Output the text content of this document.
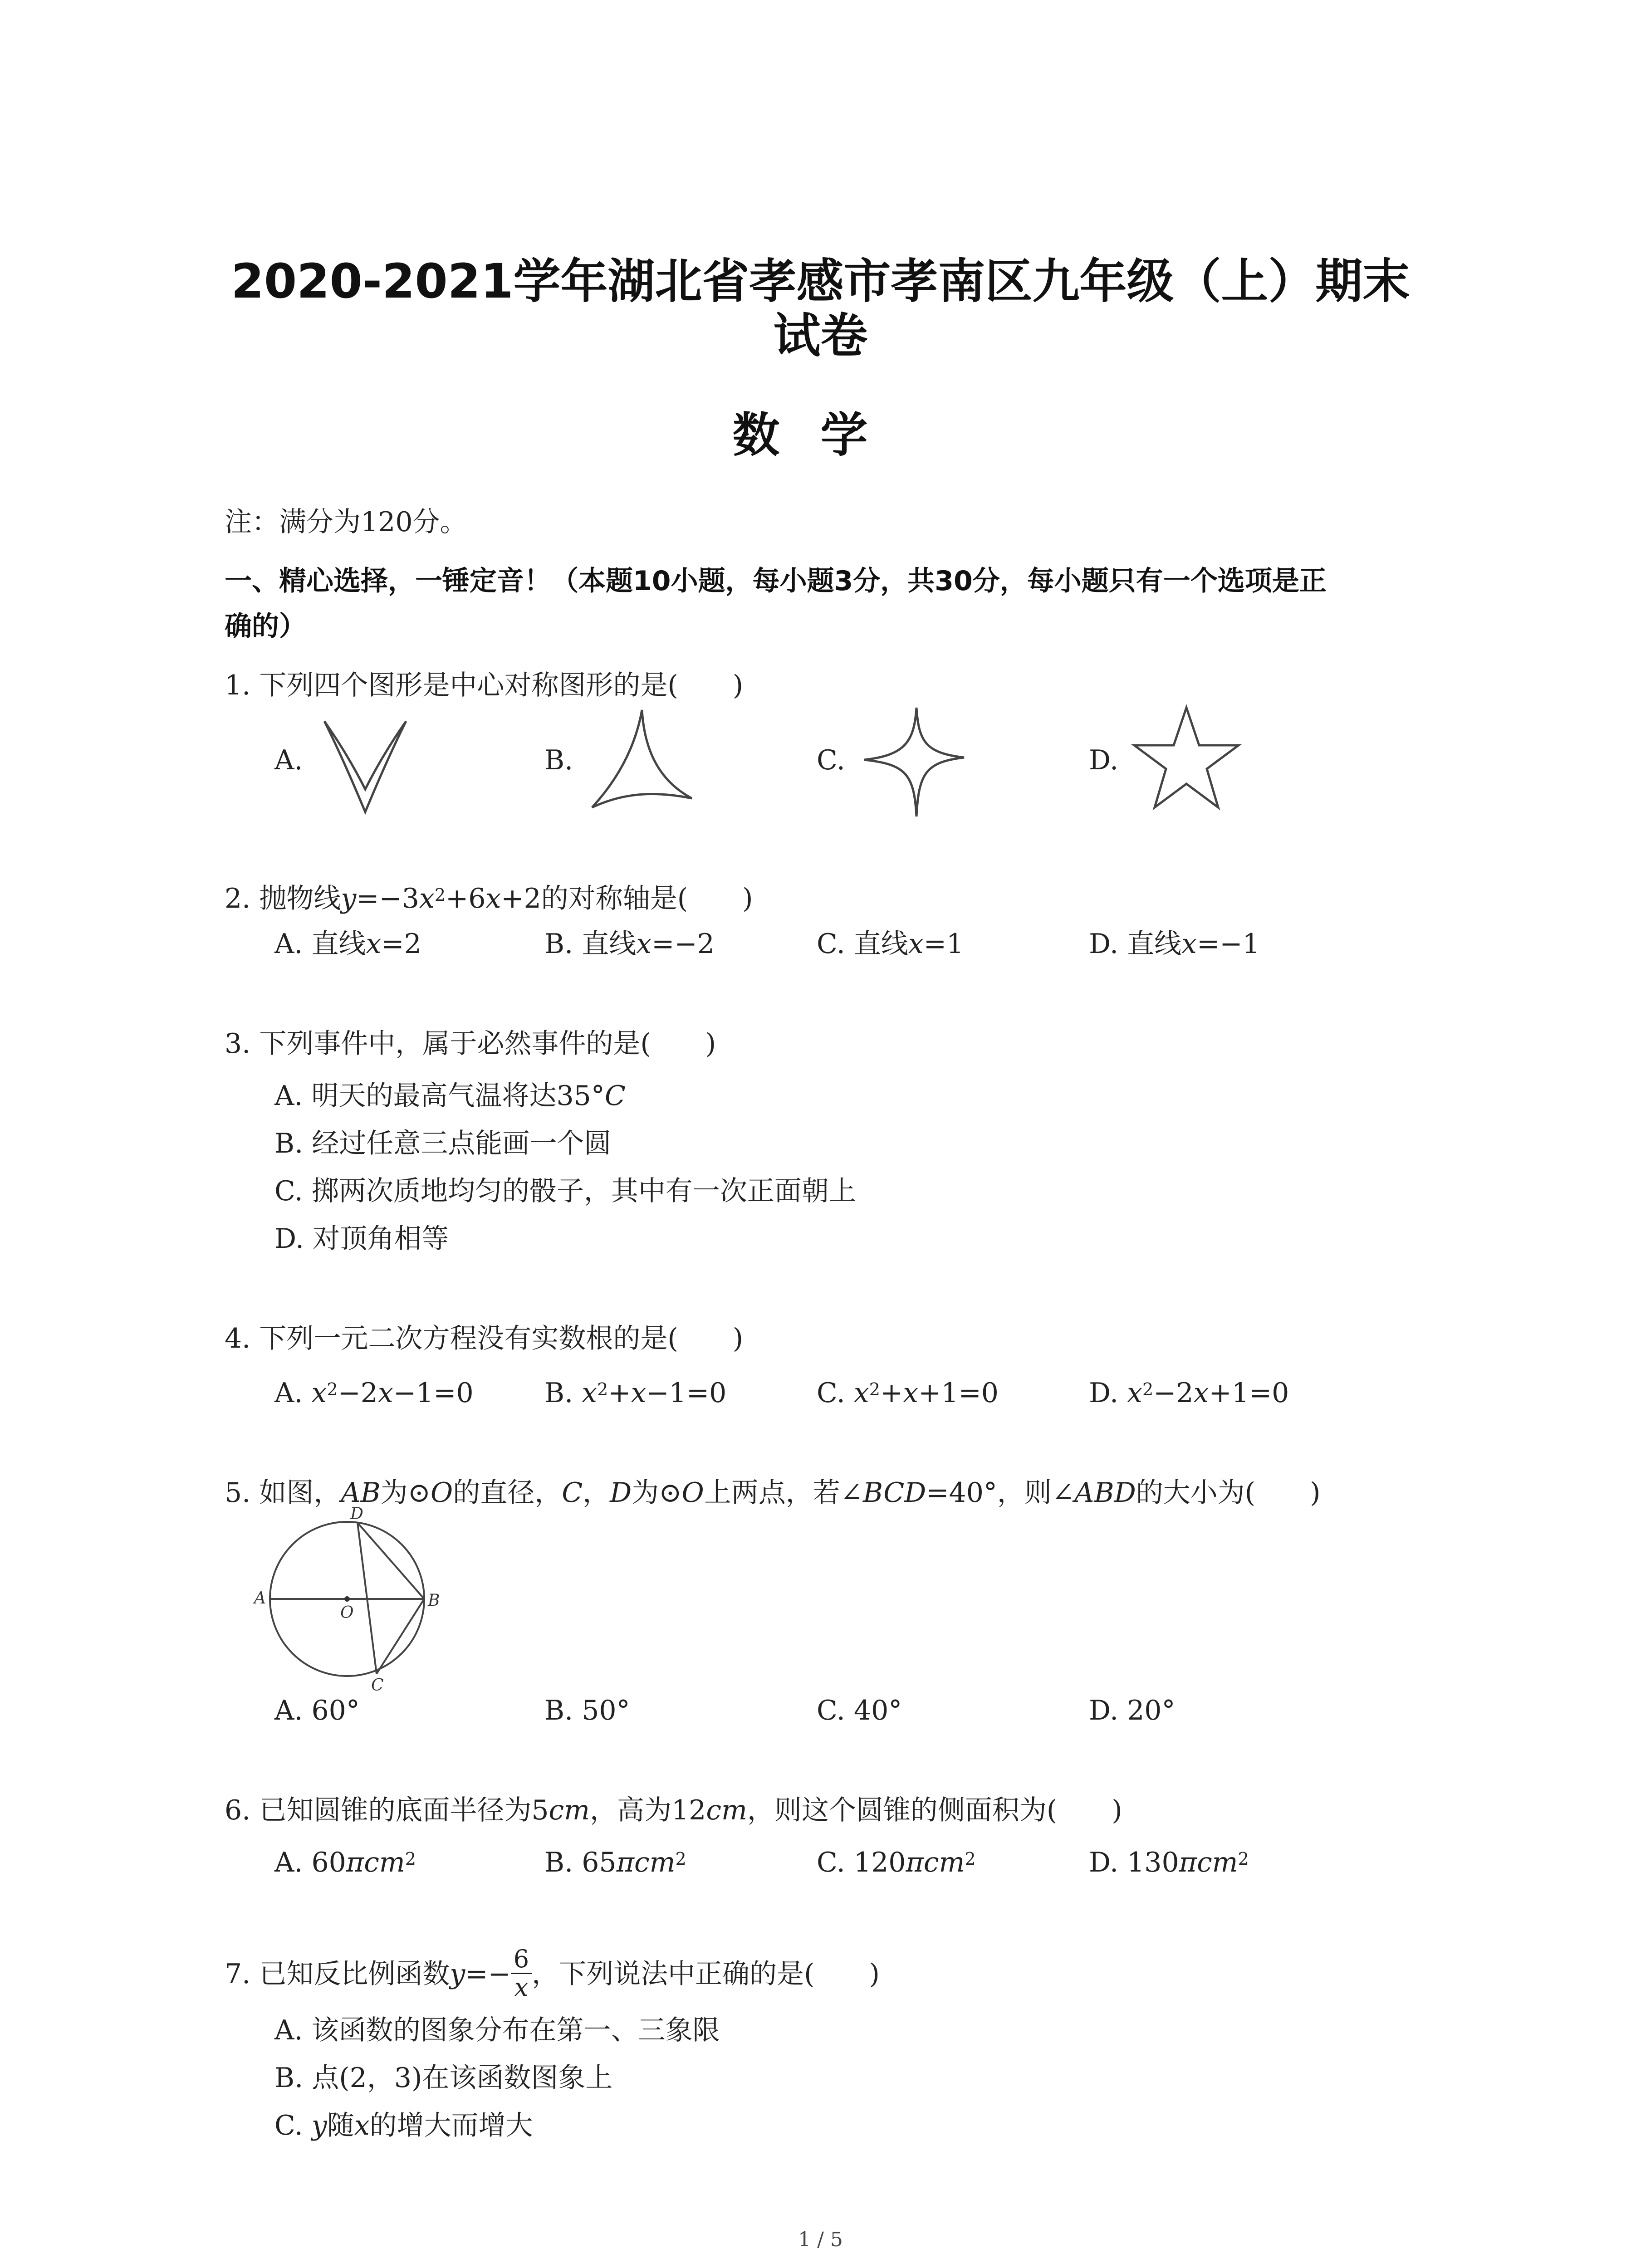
2020-2021学年湖北省孝感市孝南区九年级（上）期末
试卷
数学
注：满分为120分。
一、精心选择，一锤定音！（本题10小题，每小题3分，共30分，每小题只有一个选项是正
确的）
1. 下列四个图形是中心对称图形的是(　　)
A.	B.	C.	D.
2. 抛物线$y=-3x^2+6x+2$的对称轴是(　　)
A. 直线x=2	B. 直线x=−2	C. 直线x=1	D. 直线x=−1
3. 下列事件中，属于必然事件的是(　　)
A. 明天的最高气温将达35°C
B. 经过任意三点能画一个圆
C. 掷两次质地均匀的骰子，其中有一次正面朝上
D. 对顶角相等
4. 下列一元二次方程没有实数根的是(　　)
A. $x^2-2x-1=0$	B. $x^2+x-1=0$	C. $x^2+x+1=0$	D. $x^2-2x+1=0$
5. 如图，AB为⊙O的直径，C，D为⊙O上两点，若∠BCD=40°，则∠ABD的大小为(　　)
A	B
C
D
O
A. 60°	B. 50°	C. 40°	D. 20°
6. 已知圆锥的底面半径为5cm，高为12cm，则这个圆锥的侧面积为(　　)
A. 60πcm$^2$	B. 65πcm$^2$	C. 120πcm$^2$	D. 130πcm$^2$
7. 已知反比例函数$y=- \frac{6}{x}$ ，下列说法中正确的是(　　)
A. 该函数的图象分布在第一、三象限
B. 点(2，3)在该函数图象上
C. y随x的增大而增大
1 / 5
